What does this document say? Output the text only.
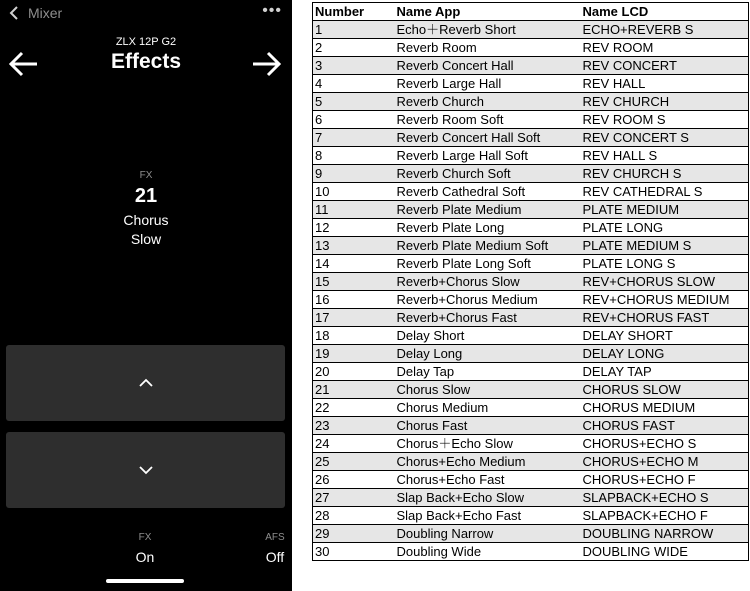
Mixer	•••
ZLX 12P G2
Effects
FX
21
Chorus
Slow
FX
On
AFS
Off
Number	Name App	Name LCD
1	Echo＋Reverb Short	ECHO+REVERB S
2	Reverb Room	REV ROOM
3	Reverb Concert Hall	REV CONCERT
4	Reverb Large Hall	REV HALL
5	Reverb Church	REV CHURCH
6	Reverb Room Soft	REV ROOM S
7	Reverb Concert Hall Soft	REV CONCERT S
8	Reverb Large Hall Soft	REV HALL S
9	Reverb Church Soft	REV CHURCH S
10	Reverb Cathedral Soft	REV CATHEDRAL S
11	Reverb Plate Medium	PLATE MEDIUM
12	Reverb Plate Long	PLATE LONG
13	Reverb Plate Medium Soft	PLATE MEDIUM S
14	Reverb Plate Long Soft	PLATE LONG S
15	Reverb+Chorus Slow	REV+CHORUS SLOW
16	Reverb+Chorus Medium	REV+CHORUS MEDIUM
17	Reverb+Chorus Fast	REV+CHORUS FAST
18	Delay Short	DELAY SHORT
19	Delay Long	DELAY LONG
20	Delay Tap	DELAY TAP
21	Chorus Slow	CHORUS SLOW
22	Chorus Medium	CHORUS MEDIUM
23	Chorus Fast	CHORUS FAST
24	Chorus＋Echo Slow	CHORUS+ECHO S
25	Chorus+Echo Medium	CHORUS+ECHO M
26	Chorus+Echo Fast	CHORUS+ECHO F
27	Slap Back+Echo Slow	SLAPBACK+ECHO S
28	Slap Back+Echo Fast	SLAPBACK+ECHO F
29	Doubling Narrow	DOUBLING NARROW
30	Doubling Wide	DOUBLING WIDE
